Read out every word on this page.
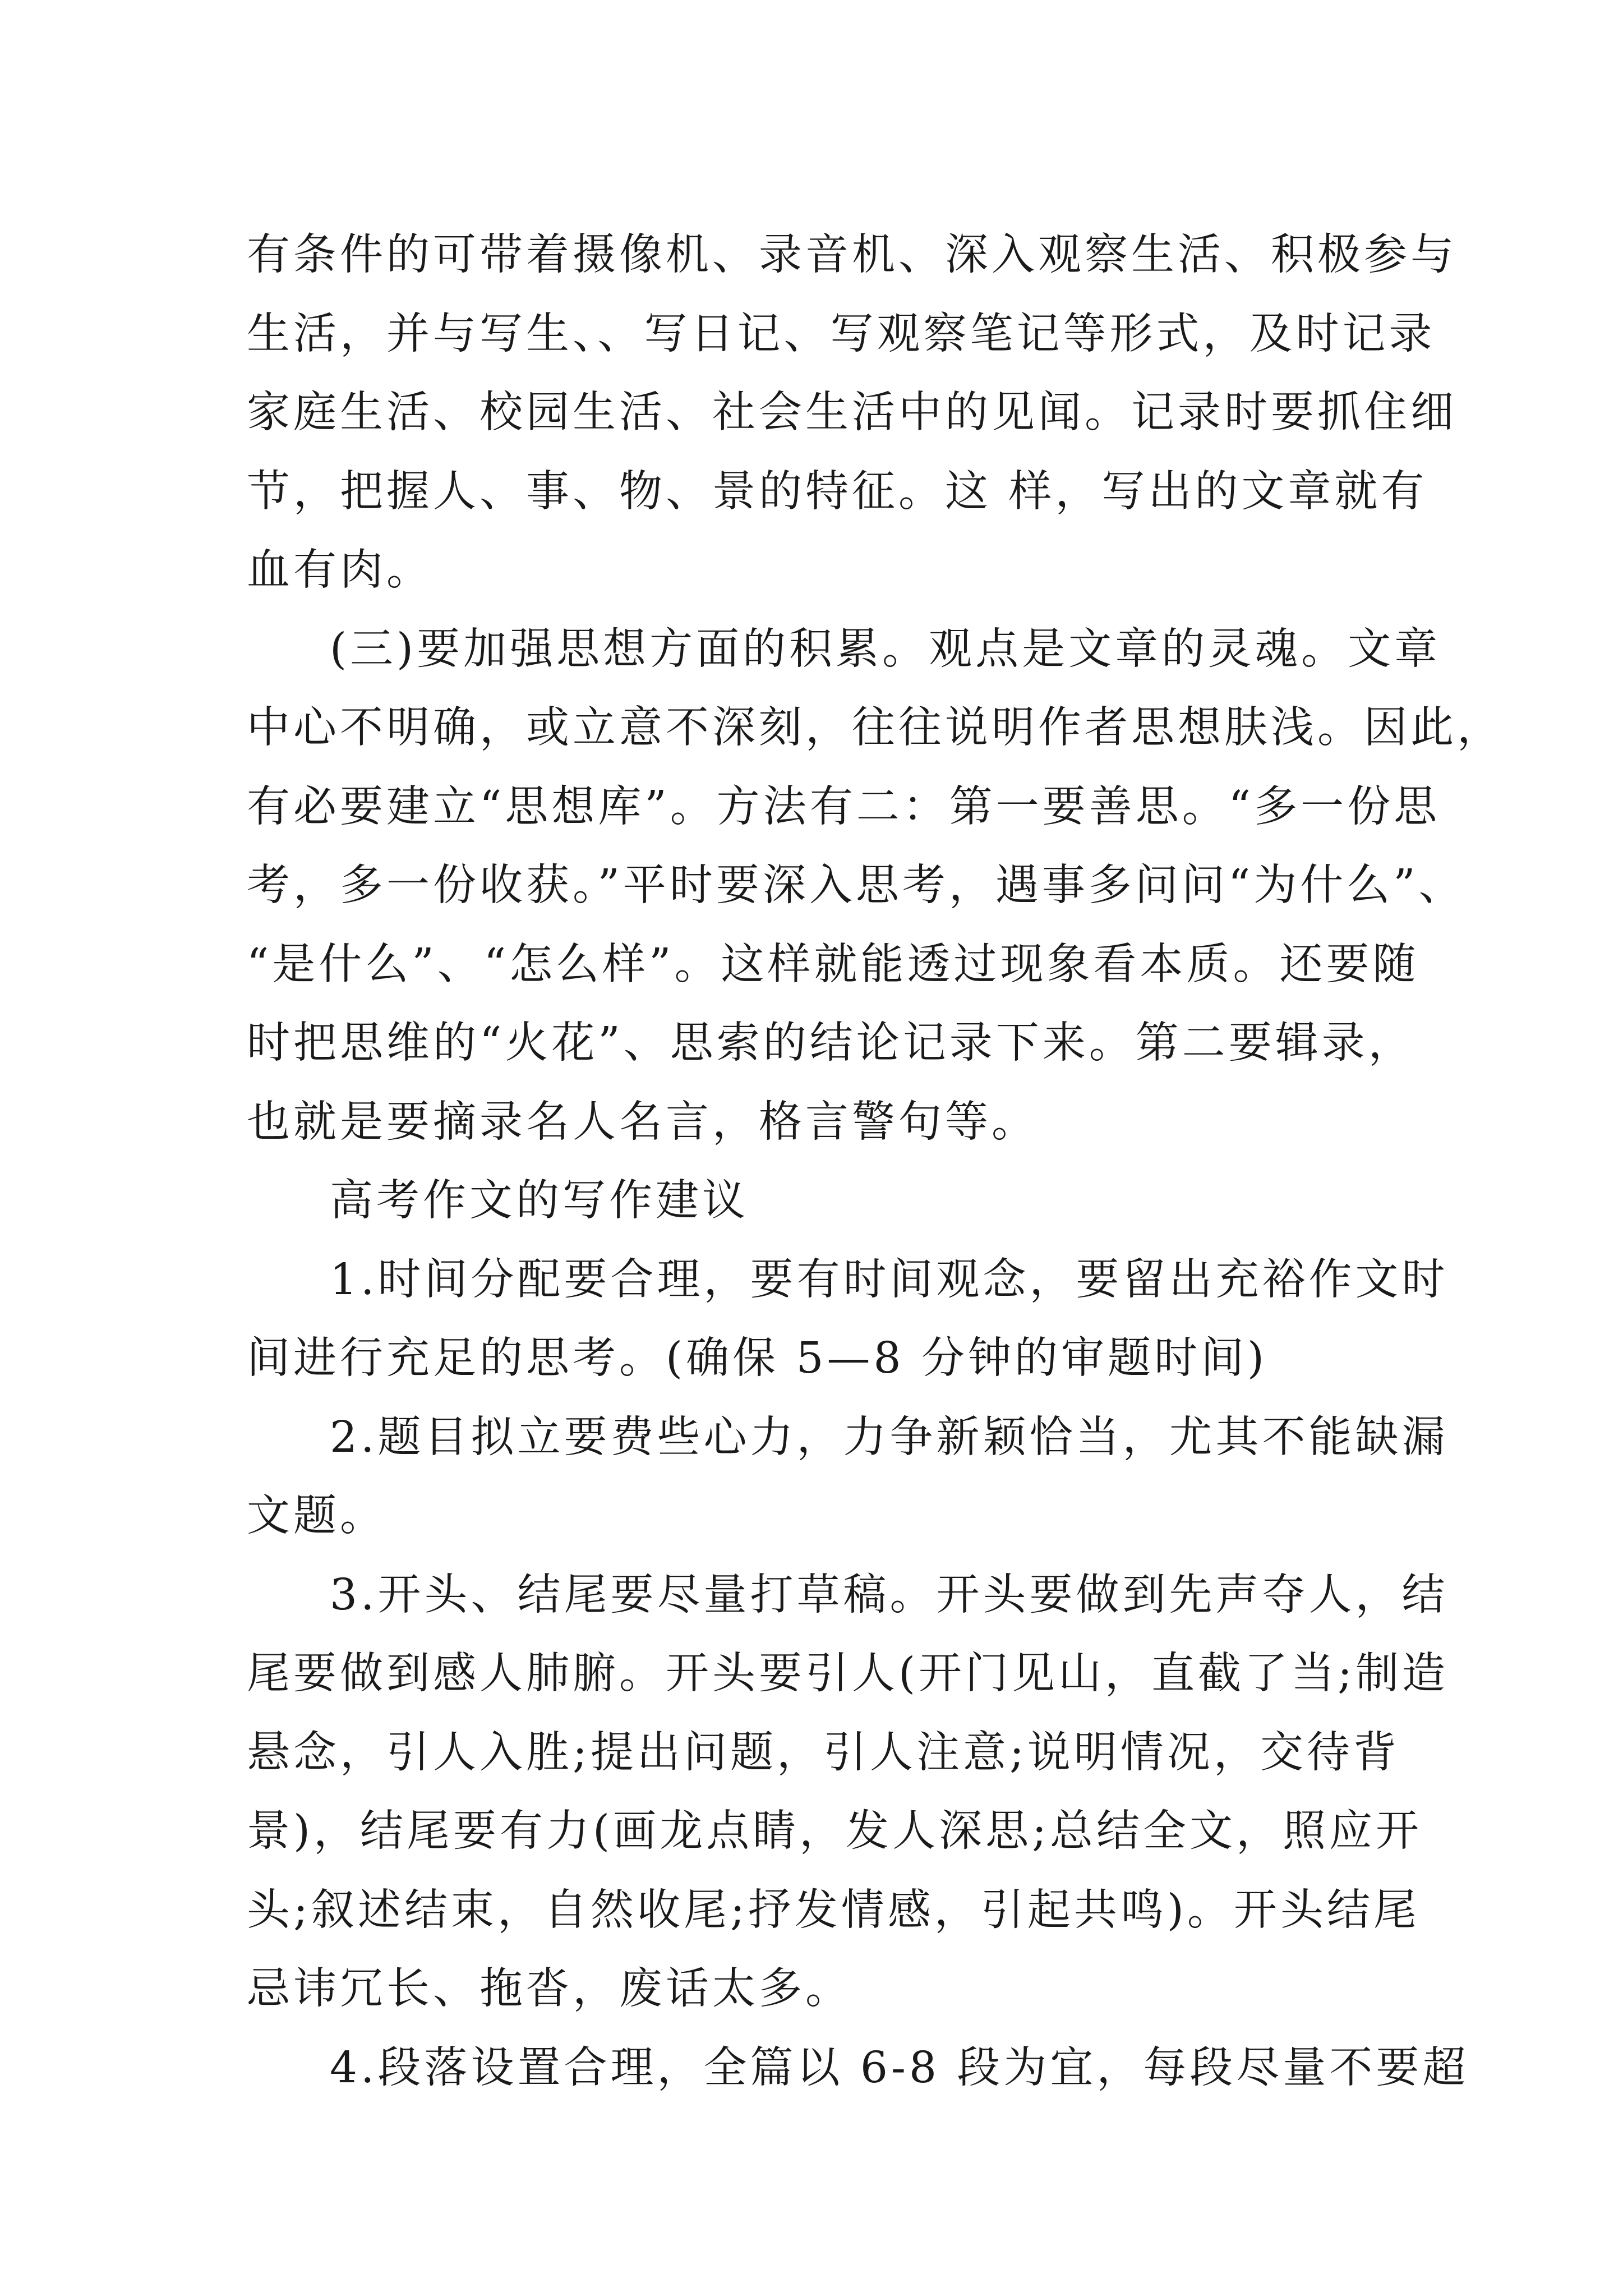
有条件的可带着摄像机、录音机、深入观察生活、积极参与
生活，并与写生、、写日记、写观察笔记等形式，及时记录
家庭生活、校园生活、社会生活中的见闻。记录时要抓住细
节，把握人、事、物、景的特征。这 样，写出的文章就有
血有肉。
(三)要加强思想方面的积累。观点是文章的灵魂。文章
中心不明确，或立意不深刻，往往说明作者思想肤浅。因此，
有必要建立“思想库”。方法有二：第一要善思。“多一份思
考，多一份收获。”平时要深入思考，遇事多问问“为什么”、
“是什么”、“怎么样”。这样就能透过现象看本质。还要随
时把思维的“火花”、思索的结论记录下来。第二要辑录，
也就是要摘录名人名言，格言警句等。
高考作文的写作建议
1.时间分配要合理，要有时间观念，要留出充裕作文时
间进行充足的思考。(确保 5—8 分钟的审题时间)
2.题目拟立要费些心力，力争新颖恰当，尤其不能缺漏
文题。
3.开头、结尾要尽量打草稿。开头要做到先声夺人，结
尾要做到感人肺腑。开头要引人(开门见山，直截了当;制造
悬念，引人入胜;提出问题，引人注意;说明情况，交待背
景)，结尾要有力(画龙点睛，发人深思;总结全文，照应开
头;叙述结束，自然收尾;抒发情感，引起共鸣)。开头结尾
忌讳冗长、拖沓，废话太多。
4.段落设置合理，全篇以 6-8 段为宜，每段尽量不要超
